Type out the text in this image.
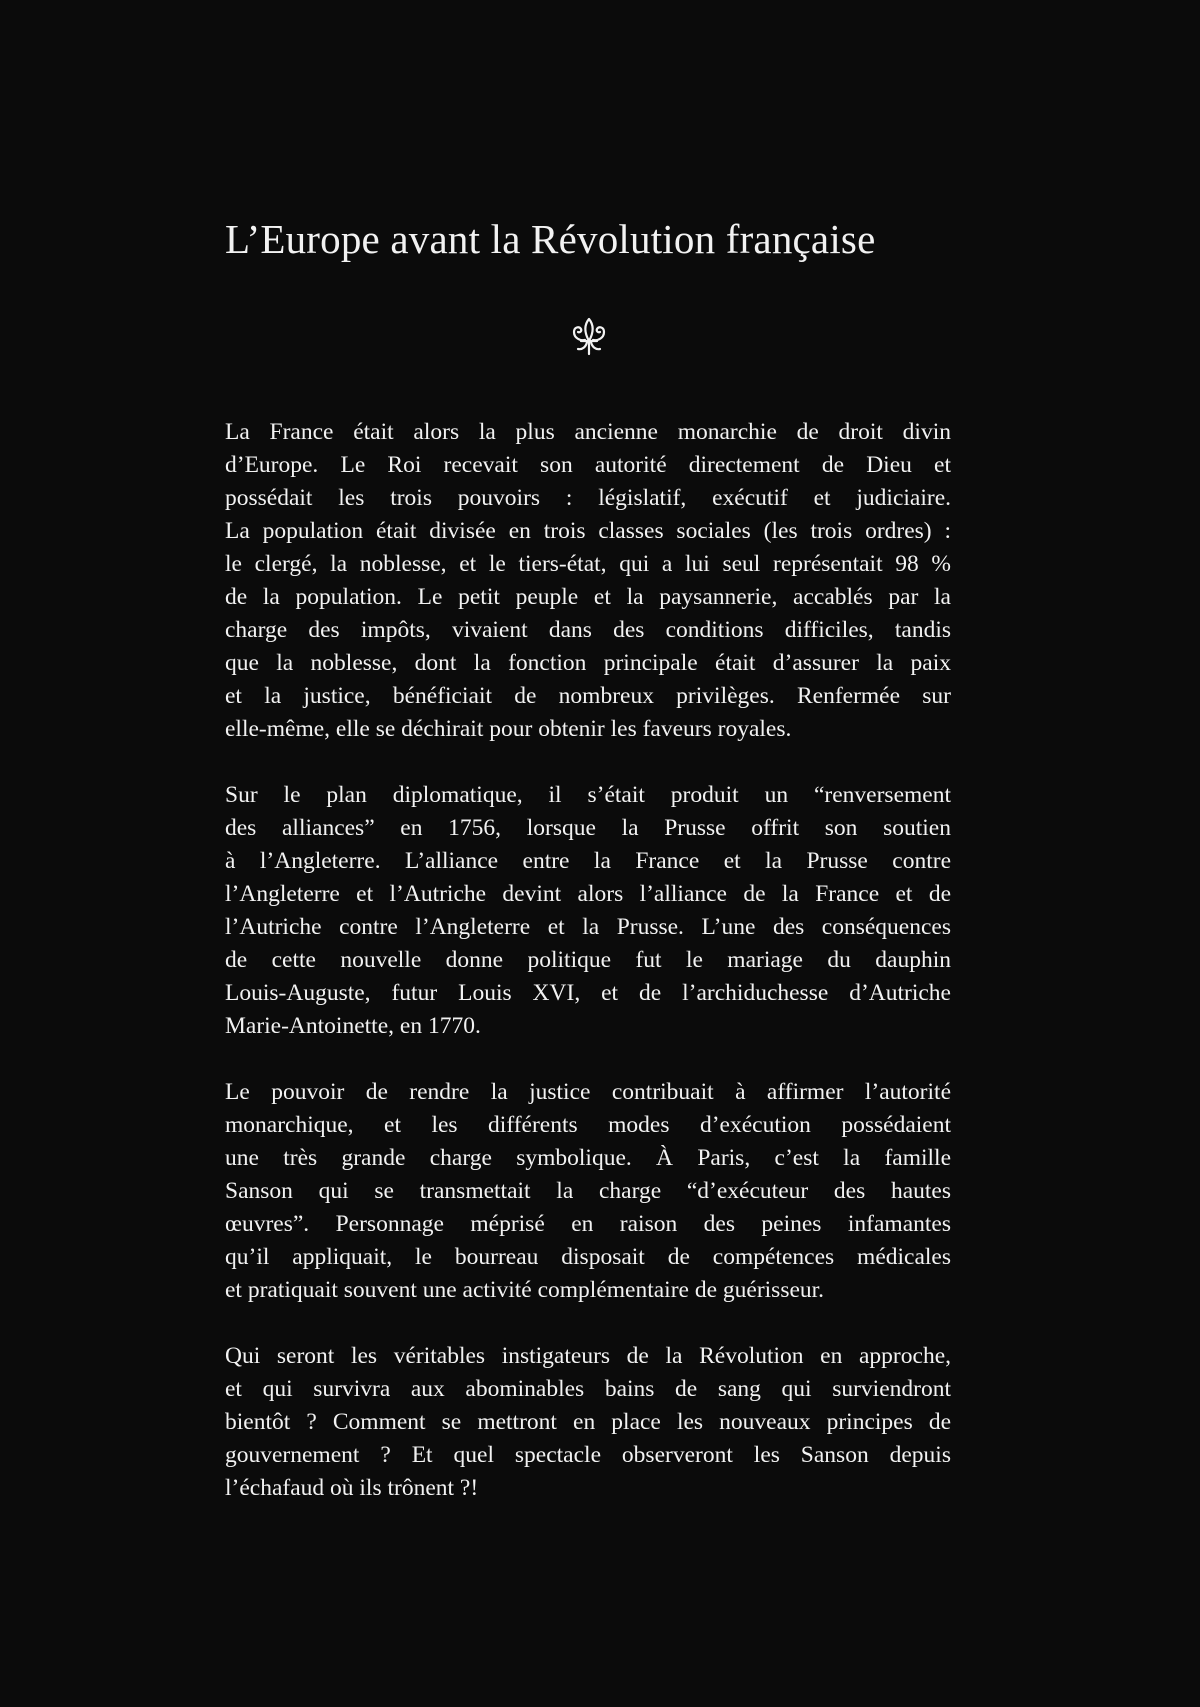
L’Europe avant la Révolution française

La France était alors la plus ancienne monarchie de droit divin
d’Europe. Le Roi recevait son autorité directement de Dieu et
possédait les trois pouvoirs : législatif, exécutif et judiciaire.
La population était divisée en trois classes sociales (les trois ordres) :
le clergé, la noblesse, et le tiers-état, qui a lui seul représentait 98 %
de la population. Le petit peuple et la paysannerie, accablés par la
charge des impôts, vivaient dans des conditions difficiles, tandis
que la noblesse, dont la fonction principale était d’assurer la paix
et la justice, bénéficiait de nombreux privilèges. Renfermée sur
elle-même, elle se déchirait pour obtenir les faveurs royales.

Sur le plan diplomatique, il s’était produit un “renversement
des alliances” en 1756, lorsque la Prusse offrit son soutien
à l’Angleterre. L’alliance entre la France et la Prusse contre
l’Angleterre et l’Autriche devint alors l’alliance de la France et de
l’Autriche contre l’Angleterre et la Prusse. L’une des conséquences
de cette nouvelle donne politique fut le mariage du dauphin
Louis-Auguste, futur Louis XVI, et de l’archiduchesse d’Autriche
Marie-Antoinette, en 1770.

Le pouvoir de rendre la justice contribuait à affirmer l’autorité
monarchique, et les différents modes d’exécution possédaient
une très grande charge symbolique. À Paris, c’est la famille
Sanson qui se transmettait la charge “d’exécuteur des hautes
œuvres”. Personnage méprisé en raison des peines infamantes
qu’il appliquait, le bourreau disposait de compétences médicales
et pratiquait souvent une activité complémentaire de guérisseur.

Qui seront les véritables instigateurs de la Révolution en approche,
et qui survivra aux abominables bains de sang qui surviendront
bientôt ? Comment se mettront en place les nouveaux principes de
gouvernement ? Et quel spectacle observeront les Sanson depuis
l’échafaud où ils trônent ?!
